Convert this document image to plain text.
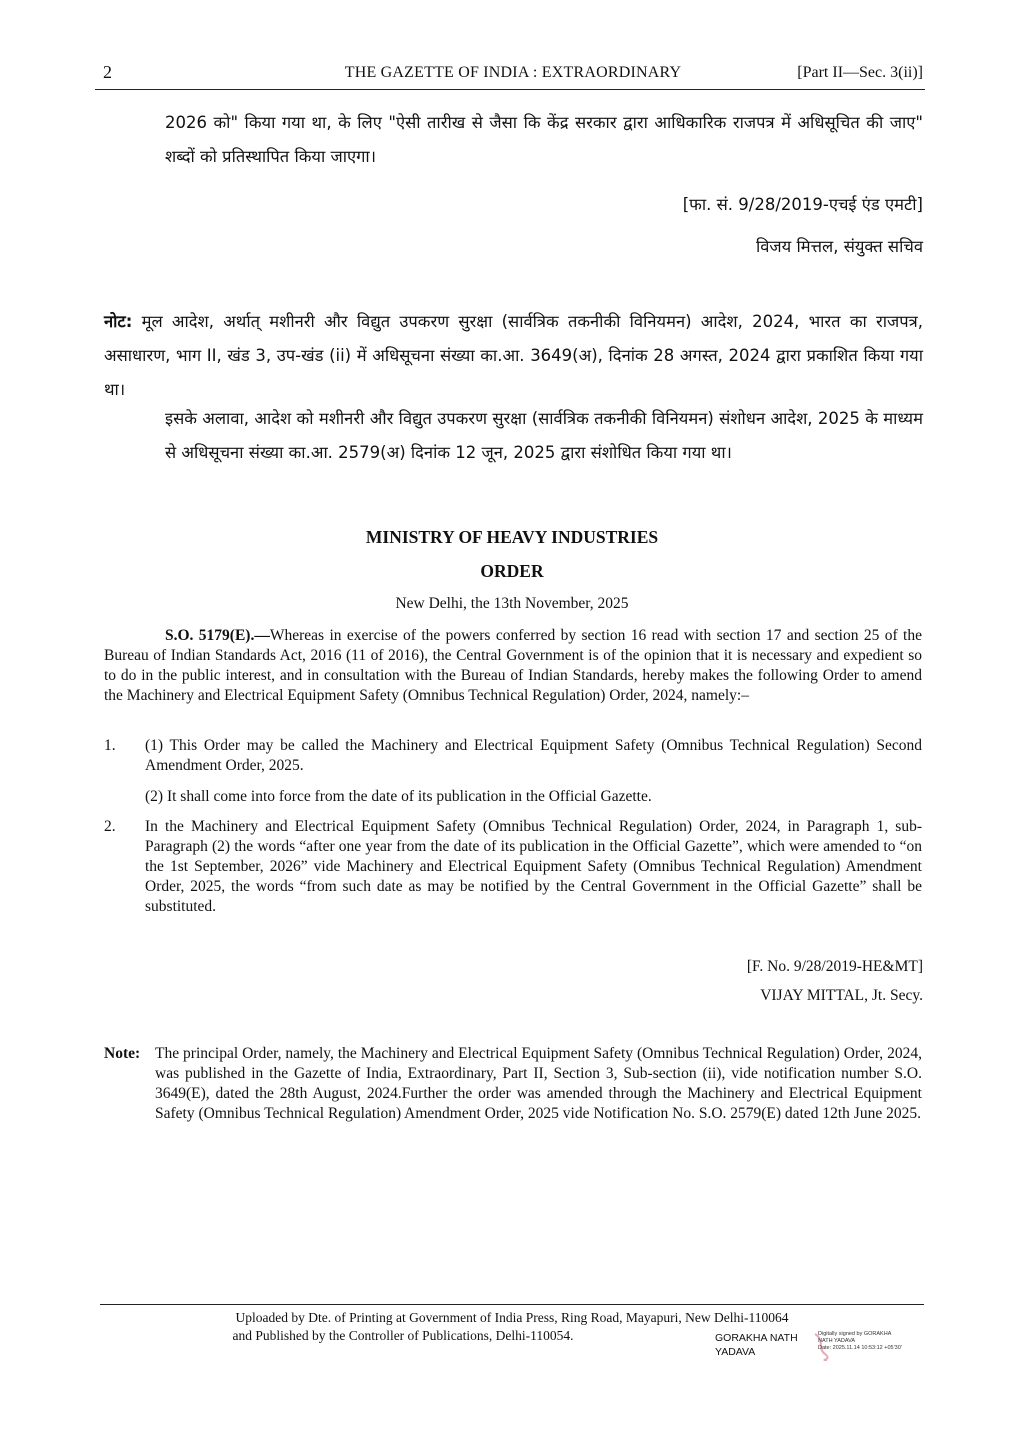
2	THE GAZETTE OF INDIA : EXTRAORDINARY	[Part II—Sec. 3(ii)]
2026 को" किया गया था, के लिए "ऐसी तारीख से जैसा कि केंद्र सरकार द्वारा आधिकारिक राजपत्र में अधिसूचित की जाए" शब्दों को प्रतिस्थापित किया जाएगा।
[फा. सं. 9/28/2019-एचई एंड एमटी]
विजय मित्तल, संयुक्त सचिव
नोट: मूल आदेश, अर्थात् मशीनरी और विद्युत उपकरण सुरक्षा (सार्वत्रिक तकनीकी विनियमन) आदेश, 2024, भारत का राजपत्र, असाधारण, भाग II, खंड 3, उप-खंड (ii) में अधिसूचना संख्या का.आ. 3649(अ), दिनांक 28 अगस्त, 2024 द्वारा प्रकाशित किया गया था।
इसके अलावा, आदेश को मशीनरी और विद्युत उपकरण सुरक्षा (सार्वत्रिक तकनीकी विनियमन) संशोधन आदेश, 2025 के माध्यम से अधिसूचना संख्या का.आ. 2579(अ) दिनांक 12 जून, 2025 द्वारा संशोधित किया गया था।
MINISTRY OF HEAVY INDUSTRIES
ORDER
New Delhi, the 13th November, 2025
S.O. 5179(E).—Whereas in exercise of the powers conferred by section 16 read with section 17 and section 25 of the Bureau of Indian Standards Act, 2016 (11 of 2016), the Central Government is of the opinion that it is necessary and expedient so to do in the public interest, and in consultation with the Bureau of Indian Standards, hereby makes the following Order to amend the Machinery and Electrical Equipment Safety (Omnibus Technical Regulation) Order, 2024, namely:–
1. (1) This Order may be called the Machinery and Electrical Equipment Safety (Omnibus Technical Regulation) Second Amendment Order, 2025.
(2) It shall come into force from the date of its publication in the Official Gazette.
2. In the Machinery and Electrical Equipment Safety (Omnibus Technical Regulation) Order, 2024, in Paragraph 1, sub-Paragraph (2) the words “after one year from the date of its publication in the Official Gazette”, which were amended to “on the 1st September, 2026” vide Machinery and Electrical Equipment Safety (Omnibus Technical Regulation) Amendment Order, 2025, the words “from such date as may be notified by the Central Government in the Official Gazette” shall be substituted.
[F. No. 9/28/2019-HE&MT]
VIJAY MITTAL, Jt. Secy.
Note: The principal Order, namely, the Machinery and Electrical Equipment Safety (Omnibus Technical Regulation) Order, 2024, was published in the Gazette of India, Extraordinary, Part II, Section 3, Sub-section (ii), vide notification number S.O. 3649(E), dated the 28th August, 2024.Further the order was amended through the Machinery and Electrical Equipment Safety (Omnibus Technical Regulation) Amendment Order, 2025 vide Notification No. S.O. 2579(E) dated 12th June 2025.
Uploaded by Dte. of Printing at Government of India Press, Ring Road, Mayapuri, New Delhi-110064
and Published by the Controller of Publications, Delhi-110054.	GORAKHA NATH
YADAVA
Digitally signed by GORAKHA
NATH YADAVA
Date: 2025.11.14 10:53:12 +05'30'
